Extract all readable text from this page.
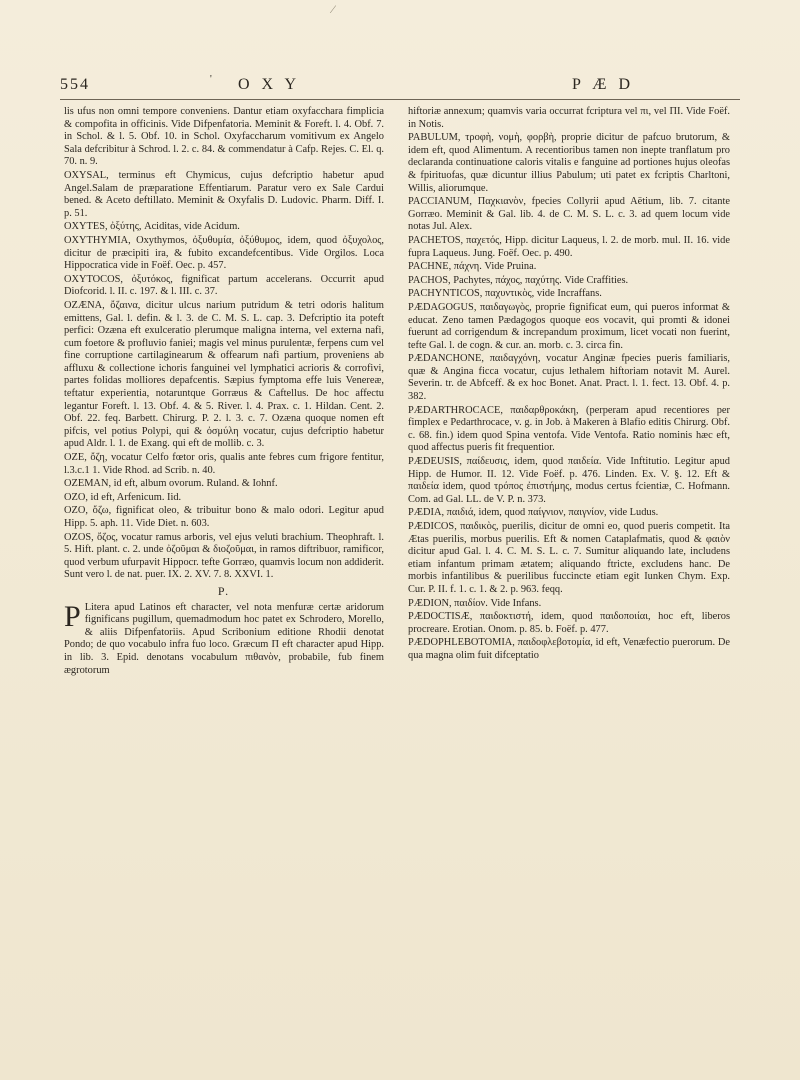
⁄
554	' O X Y	P Æ D

lis ufus non omni tempore conveniens. Dantur etiam oxyfacchara fimplicia & compofita in officinis. Vide Difpenfatoria. Meminit & Foreft. l. 4. Obf. 7. in Schol. & l. 5. Obf. 10. in Schol. Oxyfaccharum vomitivum ex Angelo Sala defcribitur à Schrod. l. 2. c. 84. & commendatur à Cafp. Rejes. C. El. q. 70. n. 9.

OXYSAL, terminus eft Chymicus, cujus defcriptio habetur apud Angel.Salam de præparatione Effentiarum. Paratur vero ex Sale Cardui bened. & Aceto deftillato. Meminit & Oxyfalis D. Ludovic. Pharm. Diff. I. p. 51.

OXYTES, ὀξύτης, Aciditas, vide Acidum.

OXYTHYMIA, Oxythymos, ὀξυθυμία, ὀξύθυμος, idem, quod ὀξυχολος, dicitur de præcipiti ira, & fubito excandefcentibus. Vide Orgilos. Loca Hippocratica vide in Foëf. Oec. p. 457.

OXYTOCOS, ὀξυτόκος, fignificat partum accelerans. Occurrit apud Diofcorid. l. II. c. 197. & l. III. c. 37.

OZÆNA, ὄζαινα, dicitur ulcus narium putridum & tetri odoris halitum emittens, Gal. l. defin. & l. 3. de C. M. S. L. cap. 3. Defcriptio ita poteft perfici: Ozæna eft exulceratio plerumque maligna interna, vel externa nafi, cum foetore & profluvio faniei; magis vel minus purulentæ, ferpens cum vel fine corruptione cartilaginearum & offearum nafi partium, proveniens ab affluxu & collectione ichoris fanguinei vel lymphatici acrioris & corrofivi, partes folidas molliores depafcentis. Sæpius fymptoma effe luis Venereæ, teftatur experientia, notaruntque Gorræus & Caftellus. De hoc affectu legantur Foreft. l. 13. Obf. 4. & 5. River. l. 4. Prax. c. 1. Hildan. Cent. 2. Obf. 22. feq. Barbett. Chirurg. P. 2. l. 3. c. 7. Ozæna quoque nomen eft pifcis, vel potius Polypi, qui & ὀσμύλη vocatur, cujus defcriptio habetur apud Aldr. l. 1. de Exang. qui eft de mollib. c. 3.

OZE, ὄζη, vocatur Celfo fœtor oris, qualis ante febres cum frigore fentitur, l.3.c.1 1. Vide Rhod. ad Scrib. n. 40.

OZEMAN, id eft, album ovorum. Ruland. & Iohnf.

OZO, id eft, Arfenicum. Iid.

OZO, ὄζω, fignificat oleo, & tribuitur bono & malo odori. Legitur apud Hipp. 5. aph. 11. Vide Diet. n. 603.

OZOS, ὄζος, vocatur ramus arboris, vel ejus veluti brachium. Theophraft. l. 5. Hift. plant. c. 2. unde ὀζοῦμαι & διοζοῦμαι, in ramos diftribuor, ramificor, quod verbum ufurpavit Hippocr. tefte Gorræo, quamvis locum non addiderit. Sunt vero l. de nat. puer. IX. 2. XV. 7. 8. XXVI. 1.

P.
P Litera apud Latinos eft character, vel nota menfuræ certæ aridorum fignificans pugillum, quemadmodum hoc patet ex Schrodero, Morello, & aliis Difpenfatoriis. Apud Scribonium editione Rhodii denotat Pondo; de quo vocabulo infra fuo loco. Græcum Π eft character apud Hipp. in lib. 3. Epid. denotans vocabulum πιθανὸν, probabile, fub finem ægrotorum

hiftoriæ annexum; quamvis varia occurrat fcriptura vel πι, vel ΠΙ. Vide Foëf. in Notis.

PABULUM, τροφὴ, νομὴ, φορβὴ, proprie dicitur de pafcuo brutorum, & idem eft, quod Alimentum. A recentioribus tamen non inepte tranflatum pro declaranda continuatione caloris vitalis e fanguine ad portiones hujus oleofas & fpirituofas, quæ dicuntur illius Pabulum; uti patet ex fcriptis Charltoni, Willis, aliorumque.

PACCIANUM, Παχκιανὸν, fpecies Collyrii apud Aëtium, lib. 7. citante Gorræo. Meminit & Gal. lib. 4. de C. M. S. L. c. 3. ad quem locum vide notas Jul. Alex.

PACHETOS, παχετός, Hipp. dicitur Laqueus, l. 2. de morb. mul. II. 16. vide fupra Laqueus. Jung. Foëf. Oec. p. 490.

PACHNE, πάχνη. Vide Pruina.

PACHOS, Pachytes, πάχος, παχύτης. Vide Craffities.

PACHYNTICOS, παχυντικὸς, vide Incraffans.

PÆDAGOGUS, παιδαγωγὸς, proprie fignificat eum, qui pueros informat & educat. Zeno tamen Pædagogos quoque eos vocavit, qui promti & idonei fuerunt ad corrigendum & increpandum proximum, licet vocati non fuerint, tefte Gal. l. de cogn. & cur. an. morb. c. 3. circa fin.

PÆDANCHONE, παιδαγχόνη, vocatur Anginæ fpecies pueris familiaris, quæ & Angina ficca vocatur, cujus lethalem hiftoriam notavit M. Aurel. Severin. tr. de Abfceff. & ex hoc Bonet. Anat. Pract. l. 1. fect. 13. Obf. 4. p. 382.

PÆDARTHROCACE, παιδαρθροκάκη, (perperam apud recentiores per fimplex e Pedarthrocace, v. g. in Job. à Makeren à Blafio editis Chirurg. Obf. c. 68. fin.) idem quod Spina ventofa. Vide Ventofa. Ratio nominis hæc eft, quod affectus pueris fit frequentior.

PÆDEUSIS, παίδευσις, idem, quod παιδεία. Vide Inftitutio. Legitur apud Hipp. de Humor. II. 12. Vide Foëf. p. 476. Linden. Ex. V. §. 12. Eft & παιδεία idem, quod τρόπος ἐπιστήμης, modus certus fcientiæ, C. Hofmann. Com. ad Gal. LL. de V. P. n. 373.

PÆDIA, παιδιά, idem, quod παίγνιον, παιγνίον, vide Ludus.

PÆDICOS, παιδικὸς, puerilis, dicitur de omni eo, quod pueris competit. Ita Ætas puerilis, morbus puerilis. Eft & nomen Cataplafmatis, quod & φαιὸν dicitur apud Gal. l. 4. C. M. S. L. c. 7. Sumitur aliquando late, includens etiam infantum primam ætatem; aliquando ftricte, excludens hanc. De morbis infantilibus & puerilibus fuccincte etiam egit Iunken Chym. Exp. Cur. P. II. f. 1. c. 1. & 2. p. 963. feqq.

PÆDION, παιδίον. Vide Infans.

PÆDOCTISÆ, παιδοκτιστή, idem, quod παιδοποιίαι, hoc eft, liberos procreare. Erotian. Onom. p. 85. b. Foëf. p. 477.

PÆDOPHLEBOTOMIA, παιδοφλεβοτομία, id eft, Venæfectio puerorum. De qua magna olim fuit difceptatio
